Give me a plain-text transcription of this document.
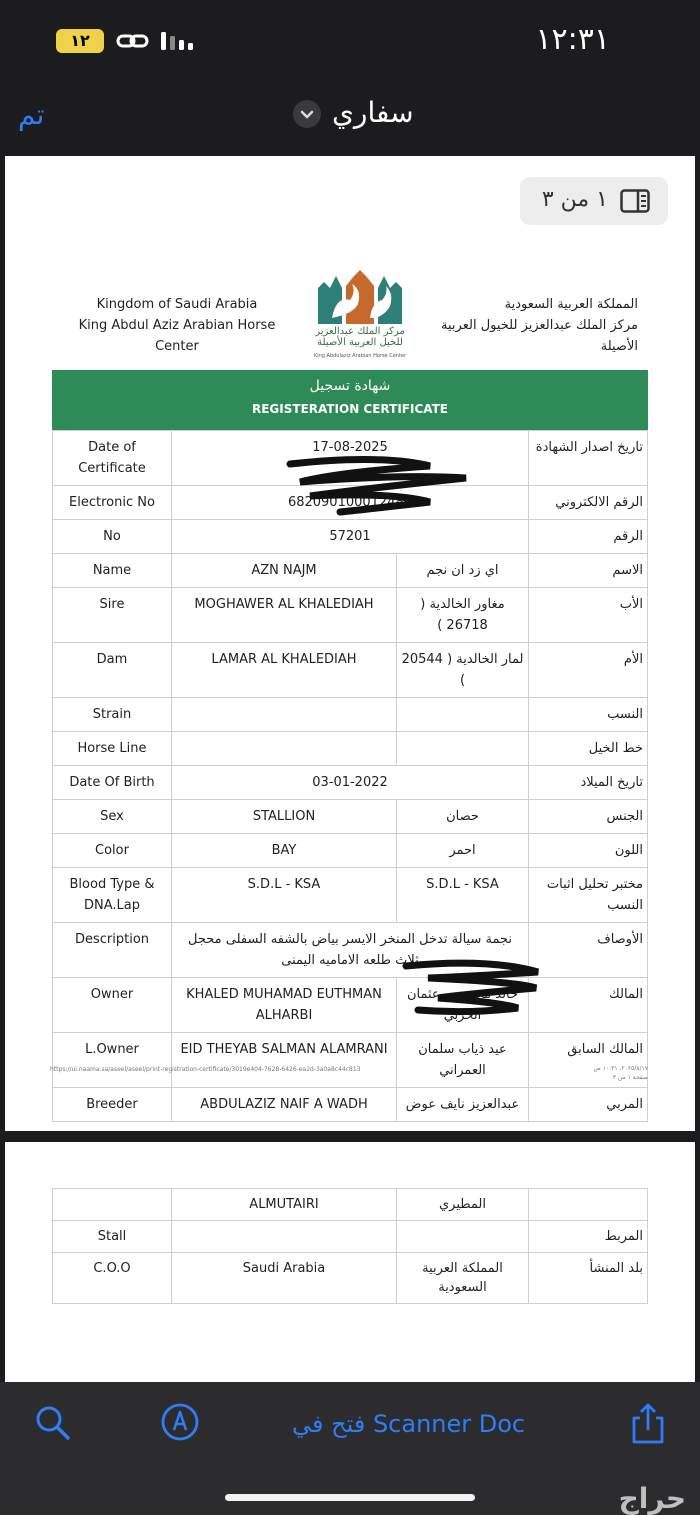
١٢	١٢:٣١
تم	سفاري
١ من ٣
Kingdom of Saudi Arabia
King Abdul Aziz Arabian Horse Center
مركز الملك عبدالعزيز
للخيل العربية الأصيلة
King Abdulaziz Arabian Horse Center
المملكة العربية السعودية
مركز الملك عبدالعزيز للخيول العربية الأصيلة
شهادة تسجيل
REGISTERATION CERTIFICATE
Date of Certificate	17-08-2025		تاريخ اصدار الشهادة
Electronic No	682090100012486		الرقم الالكتروني
No	57201		الرقم
Name	AZN NAJM	اي زد ان نجم	الاسم
Sire	MOGHAWER AL KHALEDIAH	مغاور الخالدية ( 26718 )	الأب
Dam	LAMAR AL KHALEDIAH	لمار الخالدية ( 20544 )	الأم
Strain			النسب
Horse Line			خط الخيل
Date Of Birth	03-01-2022		تاريخ الميلاد
Sex	STALLION	حصان	الجنس
Color	BAY	احمر	اللون
Blood Type & DNA.Lap	S.D.L - KSA	S.D.L - KSA	مختبر تحليل اثبات النسب
Description	نجمة سيالة تدخل المنخر الايسر بياض بالشفه السفلى محجل ثلاث طلعه الاماميه اليمنى		الأوصاف
Owner	KHALED MUHAMAD EUTHMAN ALHARBI	خالد محمد بن عثمان الحربي	المالك
L.Owner	EID THEYAB SALMAN ALAMRANI	عيد ذياب سلمان العمراني	المالك السابق
Breeder	ABDULAZIZ NAIF A WADH	عبدالعزيز نايف عوض	المربي
https://ui.naama.sa/aseel/aseel/print-registration-certificate/3019e404-7628-6426-ea2d-3a0a8c44c813	٢٠٢٥/٨/١٧، ١٠:٣١ ص
صفحة ١ من ٣
	ALMUTAIRI	المطيري	
Stall			المربط
C.O.O	Saudi Arabia	المملكة العربية السعودية	بلد المنشأ
فتح في Scanner Doc
حراج
